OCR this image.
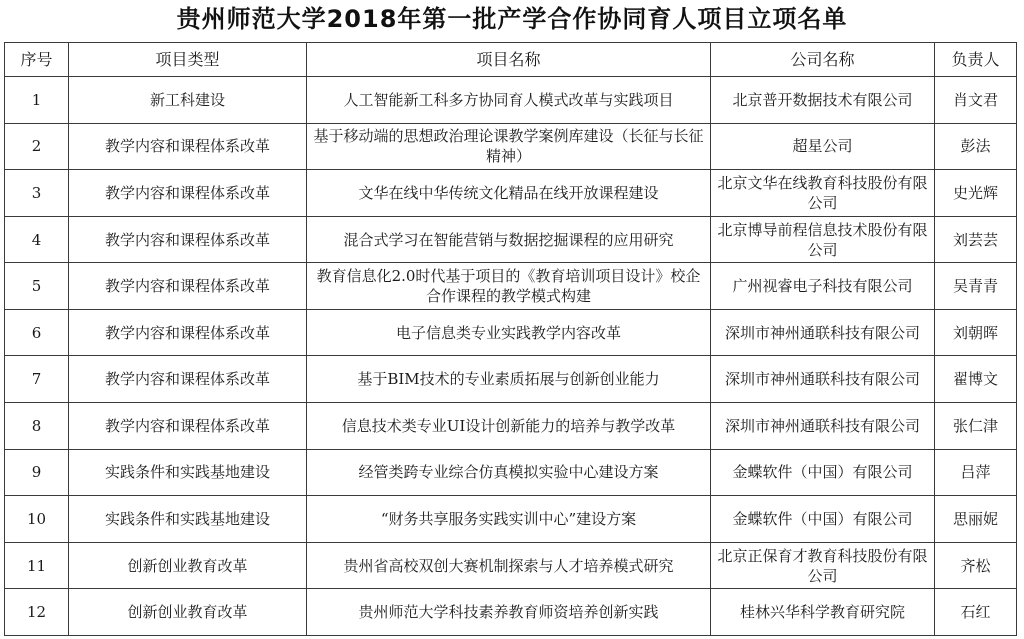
贵州师范大学2018年第一批产学合作协同育人项目立项名单
序号	项目类型	项目名称	公司名称	负责人
1	新工科建设	人工智能新工科多方协同育人模式改革与实践项目	北京普开数据技术有限公司	肖文君
2	教学内容和课程体系改革	基于移动端的思想政治理论课教学案例库建设（长征与长征精神）	超星公司	彭法
3	教学内容和课程体系改革	文华在线中华传统文化精品在线开放课程建设	北京文华在线教育科技股份有限公司	史光辉
4	教学内容和课程体系改革	混合式学习在智能营销与数据挖掘课程的应用研究	北京博导前程信息技术股份有限公司	刘芸芸
5	教学内容和课程体系改革	教育信息化2.0时代基于项目的《教育培训项目设计》校企合作课程的教学模式构建	广州视睿电子科技有限公司	吴青青
6	教学内容和课程体系改革	电子信息类专业实践教学内容改革	深圳市神州通联科技有限公司	刘朝晖
7	教学内容和课程体系改革	基于BIM技术的专业素质拓展与创新创业能力	深圳市神州通联科技有限公司	翟博文
8	教学内容和课程体系改革	信息技术类专业UI设计创新能力的培养与教学改革	深圳市神州通联科技有限公司	张仁津
9	实践条件和实践基地建设	经管类跨专业综合仿真模拟实验中心建设方案	金蝶软件（中国）有限公司	吕萍
10	实践条件和实践基地建设	“财务共享服务实践实训中心”建设方案	金蝶软件（中国）有限公司	思丽妮
11	创新创业教育改革	贵州省高校双创大赛机制探索与人才培养模式研究	北京正保育才教育科技股份有限公司	齐松
12	创新创业教育改革	贵州师范大学科技素养教育师资培养创新实践	桂林兴华科学教育研究院	石红
